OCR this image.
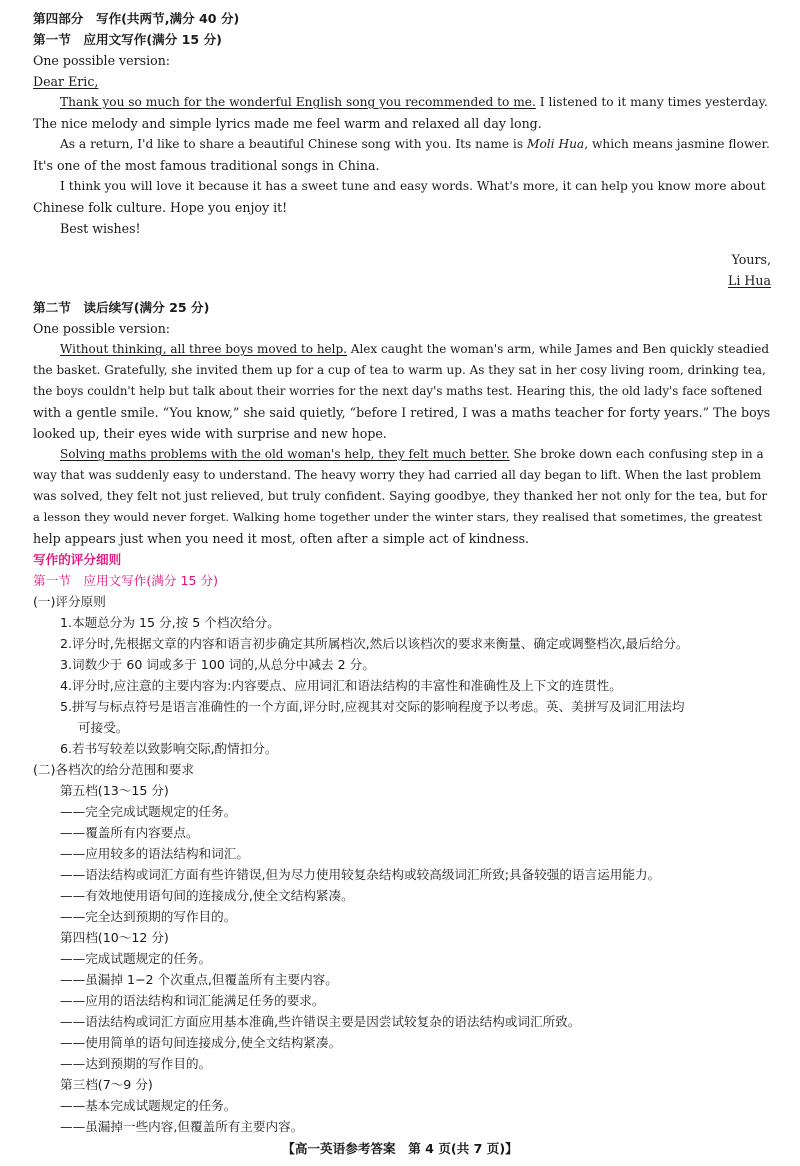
第四部分　写作(共两节,满分 40 分)
第一节　应用文写作(满分 15 分)
One possible version:
Dear Eric,
Thank you so much for the wonderful English song you recommended to me. I listened to it many times yesterday.
The nice melody and simple lyrics made me feel warm and relaxed all day long.
As a return, I'd like to share a beautiful Chinese song with you. Its name is Moli Hua, which means jasmine flower.
It's one of the most famous traditional songs in China.
I think you will love it because it has a sweet tune and easy words. What's more, it can help you know more about
Chinese folk culture. Hope you enjoy it!
Best wishes!
Yours,
Li Hua
第二节　读后续写(满分 25 分)
One possible version:
Without thinking, all three boys moved to help. Alex caught the woman's arm, while James and Ben quickly steadied
the basket. Gratefully, she invited them up for a cup of tea to warm up. As they sat in her cosy living room, drinking tea,
the boys couldn't help but talk about their worries for the next day's maths test. Hearing this, the old lady's face softened
with a gentle smile. “You know,” she said quietly, “before I retired, I was a maths teacher for forty years.” The boys
looked up, their eyes wide with surprise and new hope.
Solving maths problems with the old woman's help, they felt much better. She broke down each confusing step in a
way that was suddenly easy to understand. The heavy worry they had carried all day began to lift. When the last problem
was solved, they felt not just relieved, but truly confident. Saying goodbye, they thanked her not only for the tea, but for
a lesson they would never forget. Walking home together under the winter stars, they realised that sometimes, the greatest
help appears just when you need it most, often after a simple act of kindness.
写作的评分细则
第一节　应用文写作(满分 15 分)
(一)评分原则
1.本题总分为 15 分,按 5 个档次给分。
2.评分时,先根据文章的内容和语言初步确定其所属档次,然后以该档次的要求来衡量、确定或调整档次,最后给分。
3.词数少于 60 词或多于 100 词的,从总分中减去 2 分。
4.评分时,应注意的主要内容为:内容要点、应用词汇和语法结构的丰富性和准确性及上下文的连贯性。
5.拼写与标点符号是语言准确性的一个方面,评分时,应视其对交际的影响程度予以考虑。英、美拼写及词汇用法均
可接受。
6.若书写较差以致影响交际,酌情扣分。
(二)各档次的给分范围和要求
第五档(13～15 分)
——完全完成试题规定的任务。
——覆盖所有内容要点。
——应用较多的语法结构和词汇。
——语法结构或词汇方面有些许错误,但为尽力使用较复杂结构或较高级词汇所致;具备较强的语言运用能力。
——有效地使用语句间的连接成分,使全文结构紧凑。
——完全达到预期的写作目的。
第四档(10～12 分)
——完成试题规定的任务。
——虽漏掉 1−2 个次重点,但覆盖所有主要内容。
——应用的语法结构和词汇能满足任务的要求。
——语法结构或词汇方面应用基本准确,些许错误主要是因尝试较复杂的语法结构或词汇所致。
——使用简单的语句间连接成分,使全文结构紧凑。
——达到预期的写作目的。
第三档(7～9 分)
——基本完成试题规定的任务。
——虽漏掉一些内容,但覆盖所有主要内容。
【高一英语参考答案　第 4 页(共 7 页)】
